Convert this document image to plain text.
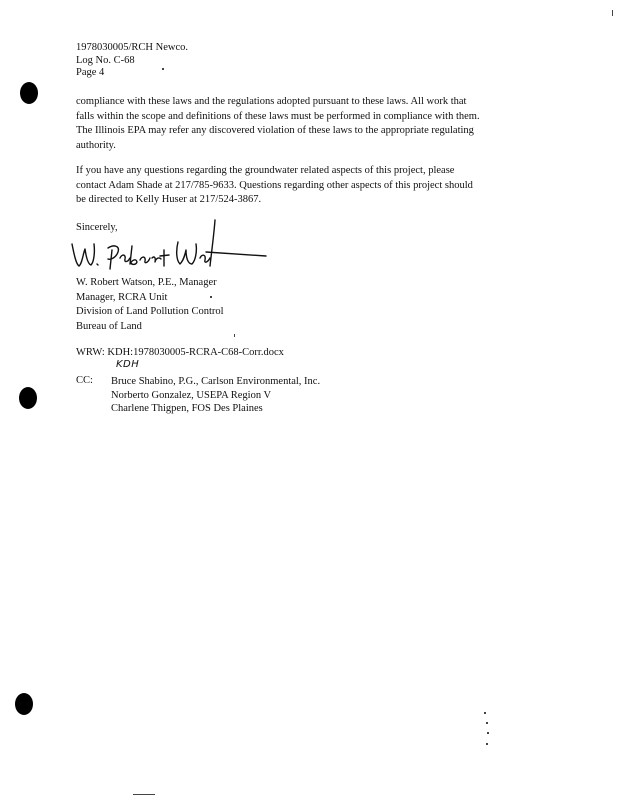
1978030005/RCH Newco.
Log No. C-68
Page 4
compliance with these laws and the regulations adopted pursuant to these laws. All work that
falls within the scope and definitions of these laws must be performed in compliance with them.
The Illinois EPA may refer any discovered violation of these laws to the appropriate regulating
authority.
If you have any questions regarding the groundwater related aspects of this project, please
contact Adam Shade at 217/785-9633. Questions regarding other aspects of this project should
be directed to Kelly Huser at 217/524-3867.
Sincerely,
W. Robert Watson, P.E., Manager
Manager, RCRA Unit
Division of Land Pollution Control
Bureau of Land
WRW: KDH:1978030005-RCRA-C68-Corr.docx
KDH
CC: Bruce Shabino, P.G., Carlson Environmental, Inc.
Norberto Gonzalez, USEPA Region V
Charlene Thigpen, FOS Des Plaines
